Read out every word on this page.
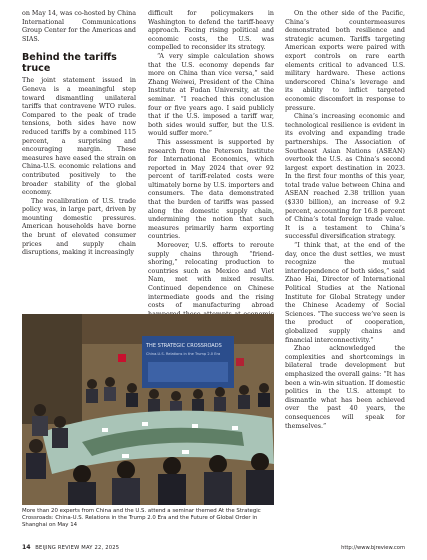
on May 14, was co-hosted by China International Communications Group Center for the Americas and SIAS.

Behind the tariffs truce

The joint statement issued in Geneva is a meaningful step toward dismantling unilateral tariffs that contravene WTO rules. Compared to the peak of trade tensions, both sides have now reduced tariffs by a combined 115 percent, a surprising and encouraging margin. These measures have eased the strain on China-U.S. economic relations and contributed positively to the broader stability of the global economy.

The recalibration of U.S. trade policy was, in large part, driven by mounting domestic pressures. American households have borne the brunt of elevated consumer prices and supply chain disruptions, making it increasingly

difficult for policymakers in Washington to defend the tariff-heavy approach. Facing rising political and economic costs, the U.S. was compelled to reconsider its strategy.

“A very simple calculation shows that the U.S. economy depends far more on China than vice versa,” said Zhang Weiwei, President of the China Institute at Fudan University, at the seminar. “I reached this conclusion four or five years ago. I said publicly that if the U.S. imposed a tariff war, both sides would suffer, but the U.S. would suffer more.”

This assessment is supported by research from the Peterson Institute for International Economics, which reported in May 2024 that over 92 percent of tariff-related costs were ultimately borne by U.S. importers and consumers. The data demonstrated that the burden of tariffs was passed along the domestic supply chain, undermining the notion that such measures primarily harm exporting countries.

Moreover, U.S. efforts to reroute supply chains through “friend-shoring,” relocating production to countries such as Mexico and Viet Nam, met with mixed results. Continued dependence on Chinese intermediate goods and the rising costs of manufacturing abroad

On the other side of the Pacific, China’s countermeasures demonstrated both resilience and strategic acumen. Tariffs targeting American exports were paired with export controls on rare earth elements critical to advanced U.S. military hardware. These actions underscored China’s leverage and its ability to inflict targeted economic discomfort in response to pressure.

China’s increasing economic and technological resilience is evident in its evolving and expanding trade partnerships. The Association of Southeast Asian Nations (ASEAN) overtook the U.S. as China’s second largest export destination in 2023. In the first four months of this year, total trade value between China and ASEAN reached 2.38 trillion yuan ($330 billion), an increase of 9.2 percent, accounting for 16.8 percent of China’s total foreign trade value. It is a testament to China’s successful diversification strategy.

“I think that, at the end of the day, once the dust settles, we must recognize the mutual interdependence of both sides,” said Zhao Hai, Director of International Political Studies at the National Institute for Global Strategy under the Chinese Academy of Social Sciences. “The success we’ve seen is the product of cooperation, globalized supply chains and financial interconnectivity.”

Zhao acknowledged the complexities and shortcomings in bilateral trade development but emphasized the overall gains: “It has been a win-win situation. If domestic politics in the U.S. attempt to dismantle what has been achieved over the past 40 years, the consequences will speak for themselves.”

THE STRATEGIC CROSSROADS
China-U.S. Relations in the Trump 2.0 Era
More than 20 experts from China and the U.S. attend a seminar themed At the Strategic Crossroads: China-U.S. Relations in the Trump 2.0 Era and the Future of Global Order in Shanghai on May 14
14 BEIJING REVIEW MAY 22, 2025	http://www.bjreview.com
